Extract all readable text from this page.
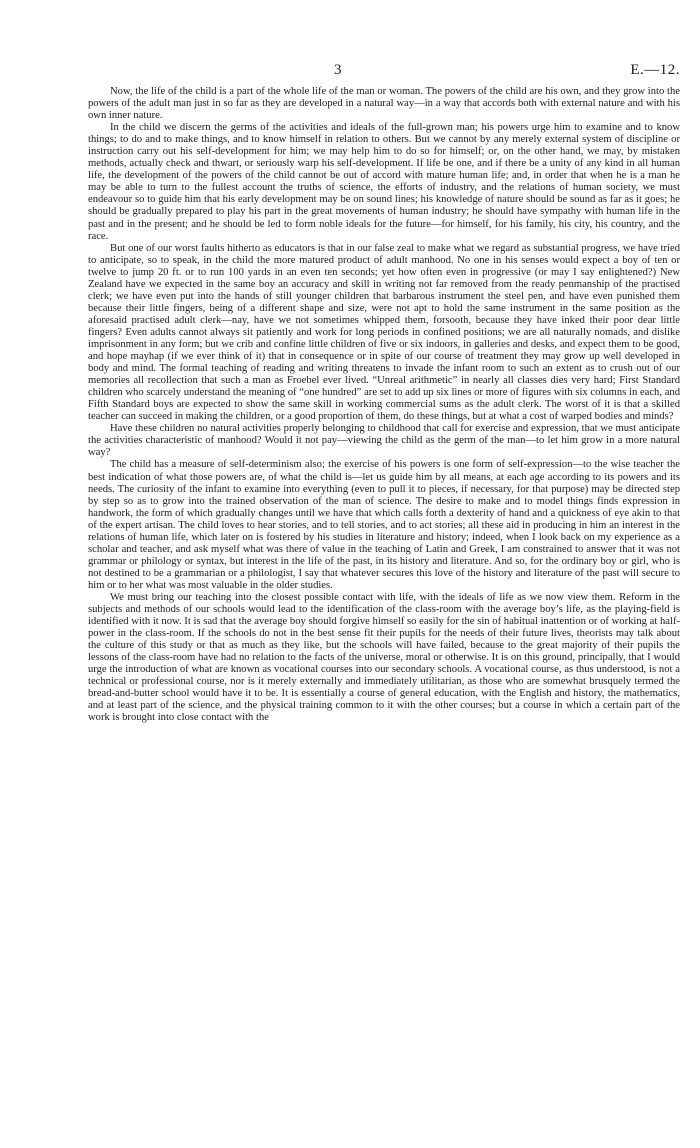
3	E.—12.

Now, the life of the child is a part of the whole life of the man or woman. The powers of the child are his own, and they grow into the powers of the adult man just in so far as they are developed in a natural way—in a way that accords both with external nature and with his own inner nature.

In the child we discern the germs of the activities and ideals of the full-grown man; his powers urge him to examine and to know things; to do and to make things, and to know himself in relation to others. But we cannot by any merely external system of discipline or instruction carry out his self-development for him; we may help him to do so for himself; or, on the other hand, we may, by mistaken methods, actually check and thwart, or seriously warp his self-development. If life be one, and if there be a unity of any kind in all human life, the development of the powers of the child cannot be out of accord with mature human life; and, in order that when he is a man he may be able to turn to the fullest account the truths of science, the efforts of industry, and the relations of human society, we must endeavour so to guide him that his early development may be on sound lines; his knowledge of nature should be sound as far as it goes; he should be gradually prepared to play his part in the great movements of human industry; he should have sympathy with human life in the past and in the present; and he should be led to form noble ideals for the future—for himself, for his family, his city, his country, and the race.

But one of our worst faults hitherto as educators is that in our false zeal to make what we regard as substantial progress, we have tried to anticipate, so to speak, in the child the more matured product of adult manhood. No one in his senses would expect a boy of ten or twelve to jump 20 ft. or to run 100 yards in an even ten seconds; yet how often even in progressive (or may I say enlightened?) New Zealand have we expected in the same boy an accuracy and skill in writing not far removed from the ready penmanship of the practised clerk; we have even put into the hands of still younger children that barbarous instrument the steel pen, and have even punished them because their little fingers, being of a different shape and size, were not apt to hold the same instrument in the same position as the aforesaid practised adult clerk—nay, have we not sometimes whipped them, forsooth, because they have inked their poor dear little fingers? Even adults cannot always sit patiently and work for long periods in confined positions; we are all naturally nomads, and dislike imprisonment in any form; but we crib and confine little children of five or six indoors, in galleries and desks, and expect them to be good, and hope mayhap (if we ever think of it) that in consequence or in spite of our course of treatment they may grow up well developed in body and mind. The formal teaching of reading and writing threatens to invade the infant room to such an extent as to crush out of our memories all recollection that such a man as Froebel ever lived. “Unreal arithmetic” in nearly all classes dies very hard; First Standard children who scarcely understand the meaning of “one hundred” are set to add up six lines or more of figures with six columns in each, and Fifth Standard boys are expected to show the same skill in working commercial sums as the adult clerk. The worst of it is that a skilled teacher can succeed in making the children, or a good proportion of them, do these things, but at what a cost of warped bodies and minds?

Have these children no natural activities properly belonging to childhood that call for exercise and expression, that we must anticipate the activities characteristic of manhood? Would it not pay—viewing the child as the germ of the man—to let him grow in a more natural way?

The child has a measure of self-determinism also; the exercise of his powers is one form of self-expression—to the wise teacher the best indication of what those powers are, of what the child is—let us guide him by all means, at each age according to its powers and its needs. The curiosity of the infant to examine into everything (even to pull it to pieces, if necessary, for that purpose) may be directed step by step so as to grow into the trained observation of the man of science. The desire to make and to model things finds expression in handwork, the form of which gradually changes until we have that which calls forth a dexterity of hand and a quickness of eye akin to that of the expert artisan. The child loves to hear stories, and to tell stories, and to act stories; all these aid in producing in him an interest in the relations of human life, which later on is fostered by his studies in literature and history; indeed, when I look back on my experience as a scholar and teacher, and ask myself what was there of value in the teaching of Latin and Greek, I am constrained to answer that it was not grammar or philology or syntax, but interest in the life of the past, in its history and literature. And so, for the ordinary boy or girl, who is not destined to be a grammarian or a philologist, I say that whatever secures this love of the history and literature of the past will secure to him or to her what was most valuable in the older studies.

We must bring our teaching into the closest possible contact with life, with the ideals of life as we now view them. Reform in the subjects and methods of our schools would lead to the identification of the class-room with the average boy’s life, as the playing-field is identified with it now. It is sad that the average boy should forgive himself so easily for the sin of habitual inattention or of working at half-power in the class-room. If the schools do not in the best sense fit their pupils for the needs of their future lives, theorists may talk about the culture of this study or that as much as they like, but the schools will have failed, because to the great majority of their pupils the lessons of the class-room have had no relation to the facts of the universe, moral or otherwise. It is on this ground, principally, that I would urge the introduction of what are known as vocational courses into our secondary schools. A vocational course, as thus understood, is not a technical or professional course, nor is it merely externally and immediately utilitarian, as those who are somewhat brusquely termed the bread-and-butter school would have it to be. It is essentially a course of general education, with the English and history, the mathematics, and at least part of the science, and the physical training common to it with the other courses; but a course in which a certain part of the work is brought into close contact with the
